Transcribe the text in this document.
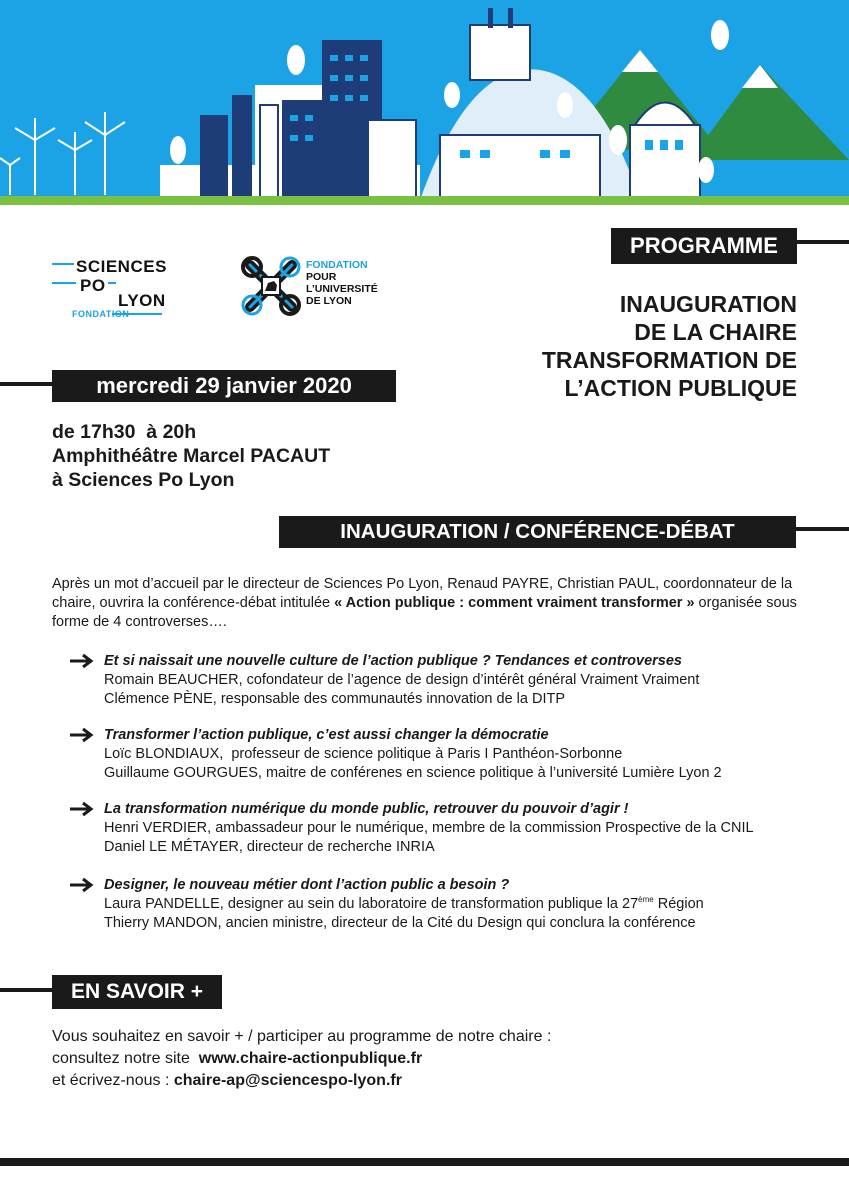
SCIENCES
PO
LYON
FONDATION
FONDATION
POUR
L’UNIVERSITÉ
DE LYON
PROGRAMME
INAUGURATION
DE LA CHAIRE
TRANSFORMATION DE
L’ACTION PUBLIQUE
mercredi 29 janvier 2020
de 17h30  à 20h
Amphithéâtre Marcel PACAUT
à Sciences Po Lyon
INAUGURATION / CONFÉRENCE-DÉBAT
Après un mot d’accueil par le directeur de Sciences Po Lyon, Renaud PAYRE, Christian PAUL, coordonnateur de la chaire, ouvrira la conférence-débat intitulée « Action publique : comment vraiment transformer » organisée sous forme de 4 controverses….
Et si naissait une nouvelle culture de l’action publique ? Tendances et controverses
Romain BEAUCHER, cofondateur de l’agence de design d’intérêt général Vraiment Vraiment
Clémence PÈNE, responsable des communautés innovation de la DITP
Transformer l’action publique, c’est aussi changer la démocratie
Loïc BLONDIAUX,  professeur de science politique à Paris I Panthéon-Sorbonne
Guillaume GOURGUES, maitre de conférenes en science politique à l’université Lumière Lyon 2
La transformation numérique du monde public, retrouver du pouvoir d’agir !
Henri VERDIER, ambassadeur pour le numérique, membre de la commission Prospective de la CNIL
Daniel LE MÉTAYER, directeur de recherche INRIA
Designer, le nouveau métier dont l’action public a besoin ?
Laura PANDELLE, designer au sein du laboratoire de transformation publique la 27ème Région
Thierry MANDON, ancien ministre, directeur de la Cité du Design qui conclura la conférence
EN SAVOIR +
Vous souhaitez en savoir + / participer au programme de notre chaire :
consultez notre site  www.chaire-actionpublique.fr
et écrivez-nous : chaire-ap@sciencespo-lyon.fr
